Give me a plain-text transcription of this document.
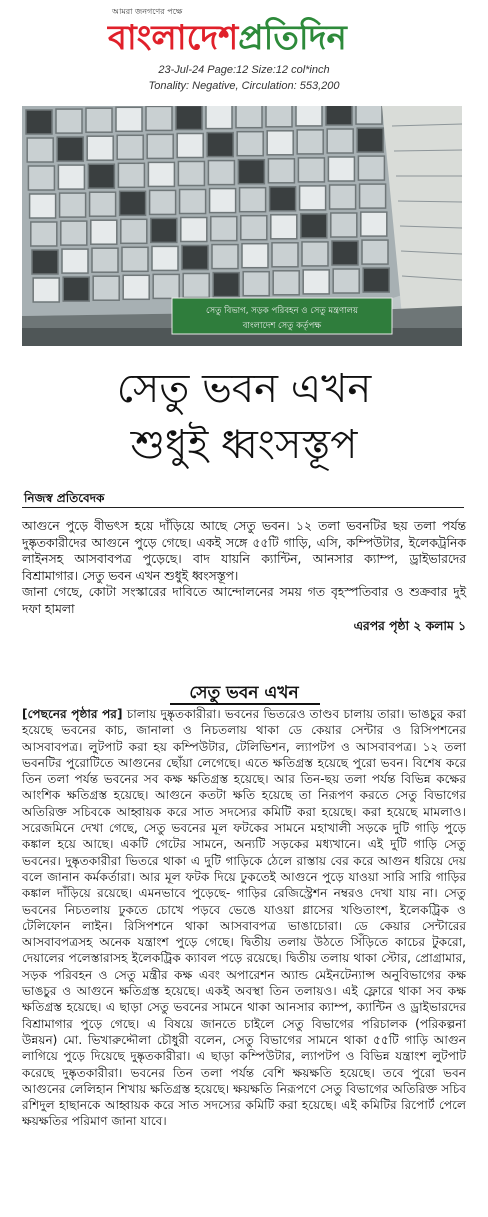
আমরা জনগণের পক্ষে
বাংলাদেশপ্রতিদিন
23-Jul-24 Page:12 Size:12 col*inch
Tonality: Negative, Circulation: 553,200
সেতু বিভাগ, সড়ক পরিবহন ও সেতু মন্ত্রণালয়
বাংলাদেশ সেতু কর্তৃপক্ষ
সেতু ভবন এখন
শুধুই ধ্বংসস্তূপ
নিজস্ব প্রতিবেদক

আগুনে পুড়ে বীভৎস হয়ে দাঁড়িয়ে আছে সেতু ভবন। ১২ তলা ভবনটির ছয় তলা পর্যন্ত দুষ্কৃতকারীদের আগুনে পুড়ে গেছে। একই সঙ্গে ৫৫টি গাড়ি, এসি, কম্পিউটার, ইলেকট্রনিক লাইনসহ আসবাবপত্র পুড়েছে। বাদ যায়নি ক্যান্টিন, আনসার ক্যাম্প, ড্রাইভারদের বিশ্রামাগার। সেতু ভবন এখন শুধুই ধ্বংসস্তূপ।

জানা গেছে, কোটা সংস্কারের দাবিতে আন্দোলনের সময় গত বৃহস্পতিবার ও শুক্রবার দুই দফা হামলা

এরপর পৃষ্ঠা ২ কলাম ১
সেতু ভবন এখন
[পেছনের পৃষ্ঠার পর] চালায় দুষ্কৃতকারীরা। ভবনের ভিতরেও তাণ্ডব চালায় তারা। ভাঙচুর করা হয়েছে ভবনের কাচ, জানালা ও নিচতলায় থাকা ডে কেয়ার সেন্টার ও রিসিপশনের আসবাবপত্র। লুটপাট করা হয় কম্পিউটার, টেলিভিশন, ল্যাপটপ ও আসবাবপত্র। ১২ তলা ভবনটির পুরোটিতে আগুনের ছোঁয়া লেগেছে। এতে ক্ষতিগ্রস্ত হয়েছে পুরো ভবন। বিশেষ করে তিন তলা পর্যন্ত ভবনের সব কক্ষ ক্ষতিগ্রস্ত হয়েছে। আর তিন-ছয় তলা পর্যন্ত বিভিন্ন কক্ষের আংশিক ক্ষতিগ্রস্ত হয়েছে। আগুনে কতটা ক্ষতি হয়েছে তা নিরূপণ করতে সেতু বিভাগের অতিরিক্ত সচিবকে আহ্বায়ক করে সাত সদস্যের কমিটি করা হয়েছে। করা হয়েছে মামলাও। সরেজমিনে দেখা গেছে, সেতু ভবনের মূল ফটকের সামনে মহাখালী সড়কে দুটি গাড়ি পুড়ে কঙ্কাল হয়ে আছে। একটি গেটের সামনে, অন্যটি সড়কের মধ্যখানে। এই দুটি গাড়ি সেতু ভবনের। দুষ্কৃতকারীরা ভিতরে থাকা এ দুটি গাড়িকে ঠেলে রাস্তায় বের করে আগুন ধরিয়ে দেয় বলে জানান কর্মকর্তারা। আর মূল ফটক দিয়ে ঢুকতেই আগুনে পুড়ে যাওয়া সারি সারি গাড়ির কঙ্কাল দাঁড়িয়ে রয়েছে। এমনভাবে পুড়েছে- গাড়ির রেজিস্ট্রেশন নম্বরও দেখা যায় না। সেতু ভবনের নিচতলায় ঢুকতে চোখে পড়বে ভেঙে যাওয়া গ্লাসের খণ্ডিতাংশ, ইলেকট্রিক ও টেলিফোন লাইন। রিসিপশনে থাকা আসবাবপত্র ভাঙাচোরা। ডে কেয়ার সেন্টারের আসবাবপত্রসহ অনেক যন্ত্রাংশ পুড়ে গেছে। দ্বিতীয় তলায় উঠতে সিঁড়িতে কাচের টুকরো, দেয়ালের পলেস্তারাসহ ইলেকট্রিক ক্যাবল পড়ে রয়েছে। দ্বিতীয় তলায় থাকা স্টোর, প্রোগ্রামার, সড়ক পরিবহন ও সেতু মন্ত্রীর কক্ষ এবং অপারেশন অ্যান্ড মেইনটেন্যান্স অনুবিভাগের কক্ষ ভাঙচুর ও আগুনে ক্ষতিগ্রস্ত হয়েছে। একই অবস্থা তিন তলায়ও। এই ফ্লোরে থাকা সব কক্ষ ক্ষতিগ্রস্ত হয়েছে। এ ছাড়া সেতু ভবনের সামনে থাকা আনসার ক্যাম্প, ক্যান্টিন ও ড্রাইভারদের বিশ্রামাগার পুড়ে গেছে। এ বিষয়ে জানতে চাইলে সেতু বিভাগের পরিচালক (পরিকল্পনা উন্নয়ন) মো. ভিখারুদ্দৌলা চৌধুরী বলেন, সেতু বিভাগের সামনে থাকা ৫৫টি গাড়ি আগুন লাগিয়ে পুড়ে দিয়েছে দুষ্কৃতকারীরা। এ ছাড়া কম্পিউটার, ল্যাপটপ ও বিভিন্ন যন্ত্রাংশ লুটপাট করেছে দুষ্কৃতকারীরা। ভবনের তিন তলা পর্যন্ত বেশি ক্ষয়ক্ষতি হয়েছে। তবে পুরো ভবন আগুনের লেলিহান শিখায় ক্ষতিগ্রস্ত হয়েছে। ক্ষয়ক্ষতি নিরূপণে সেতু বিভাগের অতিরিক্ত সচিব রশিদুল হাছানকে আহ্বায়ক করে সাত সদস্যের কমিটি করা হয়েছে। এই কমিটির রিপোর্ট পেলে ক্ষয়ক্ষতির পরিমাণ জানা যাবে।
